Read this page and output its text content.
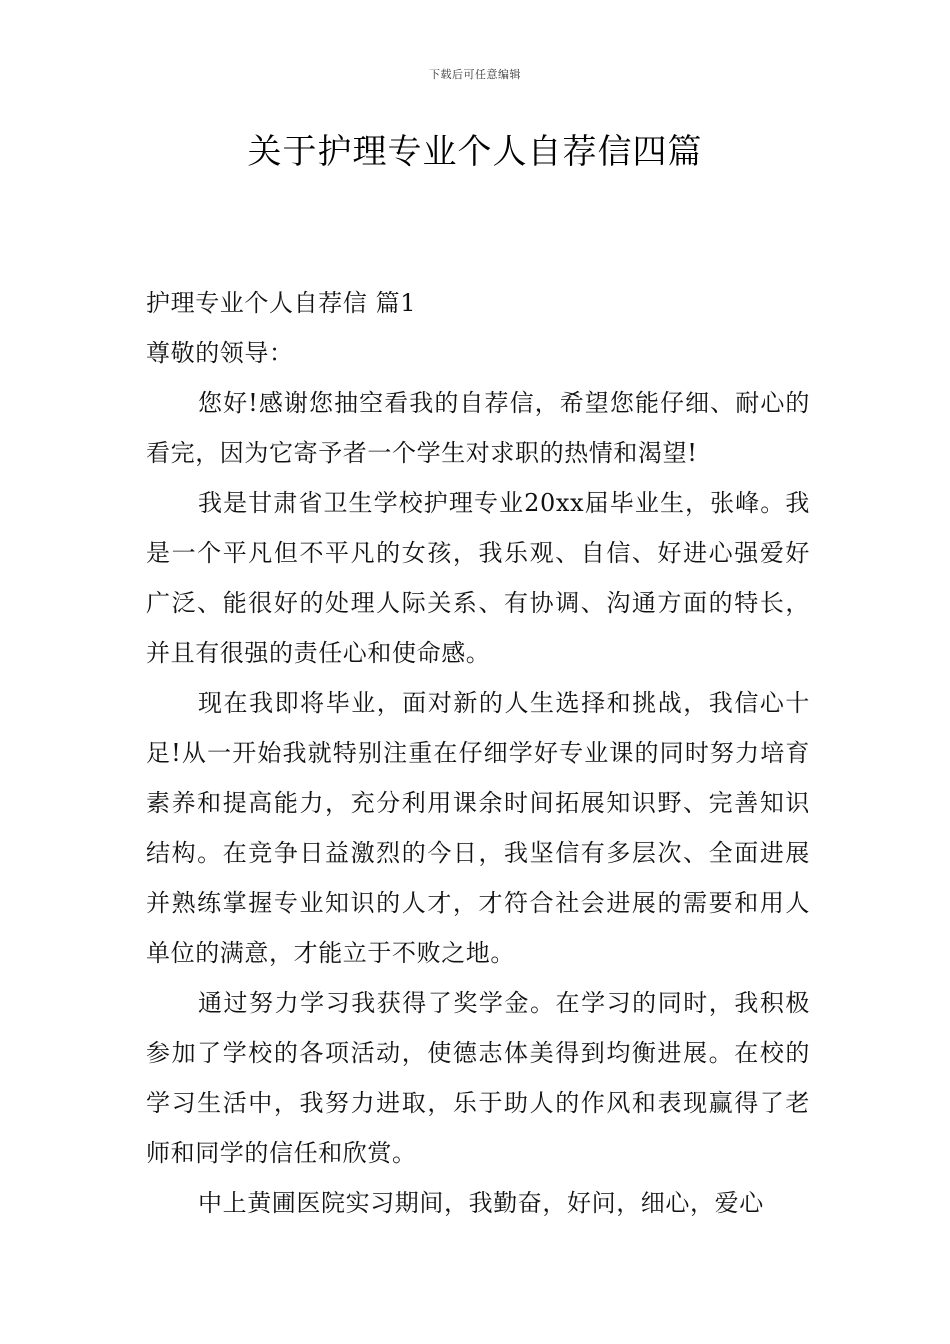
下载后可任意编辑
关于护理专业个人自荐信四篇

护理专业个人自荐信 篇1

尊敬的领导：

您好!感谢您抽空看我的自荐信，希望您能仔细、耐心的看完，因为它寄予者一个学生对求职的热情和渴望!

我是甘肃省卫生学校护理专业20xx届毕业生，张峰。我是一个平凡但不平凡的女孩，我乐观、自信、好进心强爱好广泛、能很好的处理人际关系、有协调、沟通方面的特长，并且有很强的责任心和使命感。

现在我即将毕业，面对新的人生选择和挑战，我信心十足!从一开始我就特别注重在仔细学好专业课的同时努力培育素养和提高能力，充分利用课余时间拓展知识野、完善知识结构。在竞争日益激烈的今日，我坚信有多层次、全面进展并熟练掌握专业知识的人才，才符合社会进展的需要和用人单位的满意，才能立于不败之地。

通过努力学习我获得了奖学金。在学习的同时，我积极参加了学校的各项活动，使德志体美得到均衡进展。在校的学习生活中，我努力进取，乐于助人的作风和表现赢得了老师和同学的信任和欣赏。

中上黄圃医院实习期间，我勤奋，好问，细心，爱心
